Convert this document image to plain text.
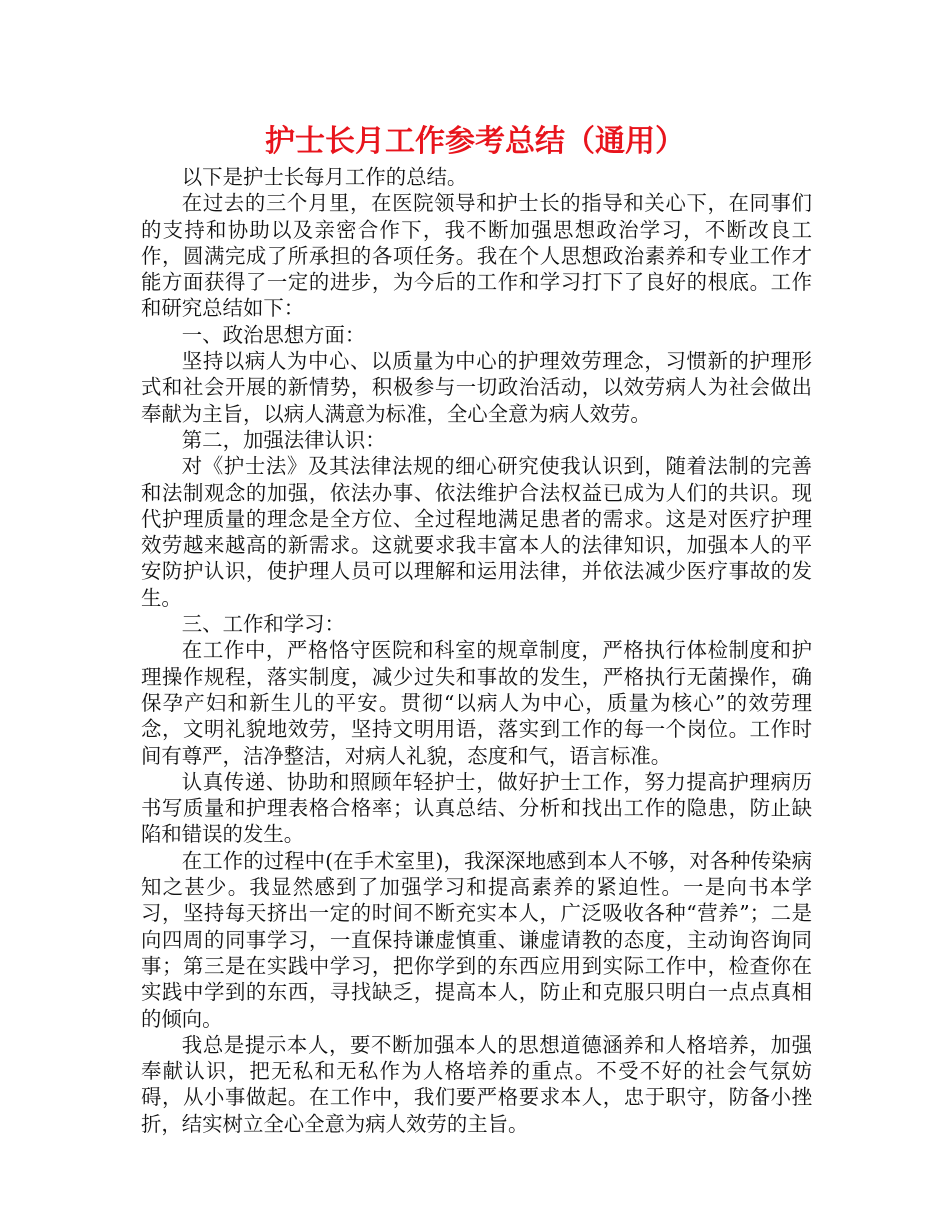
护士长月工作参考总结（通用）

以下是护士长每月工作的总结。

在过去的三个月里，在医院领导和护士长的指导和关心下，在同事们的支持和协助以及亲密合作下，我不断加强思想政治学习，不断改良工作，圆满完成了所承担的各项任务。我在个人思想政治素养和专业工作才能方面获得了一定的进步，为今后的工作和学习打下了良好的根底。工作和研究总结如下：

一、政治思想方面：

坚持以病人为中心、以质量为中心的护理效劳理念，习惯新的护理形式和社会开展的新情势，积极参与一切政治活动，以效劳病人为社会做出奉献为主旨，以病人满意为标准，全心全意为病人效劳。

第二，加强法律认识：

对《护士法》及其法律法规的细心研究使我认识到，随着法制的完善和法制观念的加强，依法办事、依法维护合法权益已成为人们的共识。现代护理质量的理念是全方位、全过程地满足患者的需求。这是对医疗护理效劳越来越高的新需求。这就要求我丰富本人的法律知识，加强本人的平安防护认识，使护理人员可以理解和运用法律，并依法减少医疗事故的发生。

三、工作和学习：

在工作中，严格恪守医院和科室的规章制度，严格执行体检制度和护理操作规程，落实制度，减少过失和事故的发生，严格执行无菌操作，确保孕产妇和新生儿的平安。贯彻“以病人为中心，质量为核心”的效劳理念，文明礼貌地效劳，坚持文明用语，落实到工作的每一个岗位。工作时间有尊严，洁净整洁，对病人礼貌，态度和气，语言标准。

认真传递、协助和照顾年轻护士，做好护士工作，努力提高护理病历书写质量和护理表格合格率；认真总结、分析和找出工作的隐患，防止缺陷和错误的发生。

在工作的过程中(在手术室里)，我深深地感到本人不够，对各种传染病知之甚少。我显然感到了加强学习和提高素养的紧迫性。一是向书本学习，坚持每天挤出一定的时间不断充实本人，广泛吸收各种“营养”；二是向四周的同事学习，一直保持谦虚慎重、谦虚请教的态度，主动询咨询同事；第三是在实践中学习，把你学到的东西应用到实际工作中，检查你在实践中学到的东西，寻找缺乏，提高本人，防止和克服只明白一点点真相的倾向。

我总是提示本人，要不断加强本人的思想道德涵养和人格培养，加强奉献认识，把无私和无私作为人格培养的重点。不受不好的社会气氛妨碍，从小事做起。在工作中，我们要严格要求本人，忠于职守，防备小挫折，结实树立全心全意为病人效劳的主旨。
